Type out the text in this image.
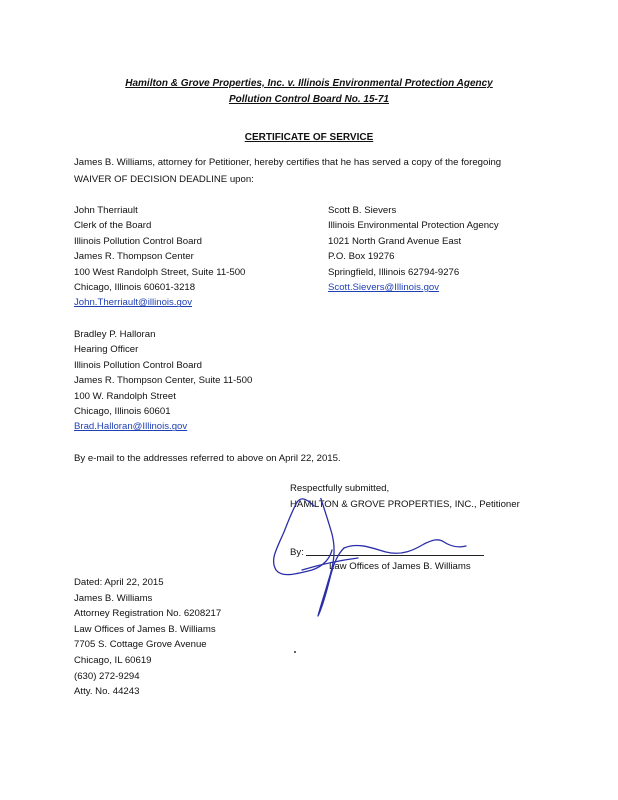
Hamilton & Grove Properties, Inc. v. Illinois Environmental Protection Agency
Pollution Control Board No. 15-71
CERTIFICATE OF SERVICE
James B. Williams, attorney for Petitioner, hereby certifies that he has served a copy of the foregoing
WAIVER OF DECISION DEADLINE upon:
John Therriault
Clerk of the Board
Illinois Pollution Control Board
James R. Thompson Center
100 West Randolph Street, Suite 11-500
Chicago, Illinois 60601-3218
John.Therriault@illinois.gov
Scott B. Sievers
Illinois Environmental Protection Agency
1021 North Grand Avenue East
P.O. Box 19276
Springfield, Illinois 62794-9276
Scott.Sievers@Illinois.gov
Bradley P. Halloran
Hearing Officer
Illinois Pollution Control Board
James R. Thompson Center, Suite 11-500
100 W. Randolph Street
Chicago, Illinois 60601
Brad.Halloran@Illinois.gov
By e-mail to the addresses referred to above on April 22, 2015.
Respectfully submitted,
HAMILTON & GROVE PROPERTIES, INC., Petitioner
By:
Law Offices of James B. Williams
Dated: April 22, 2015
James B. Williams
Attorney Registration No. 6208217
Law Offices of James B. Williams
7705 S. Cottage Grove Avenue
Chicago, IL 60619
(630) 272-9294
Atty. No. 44243
